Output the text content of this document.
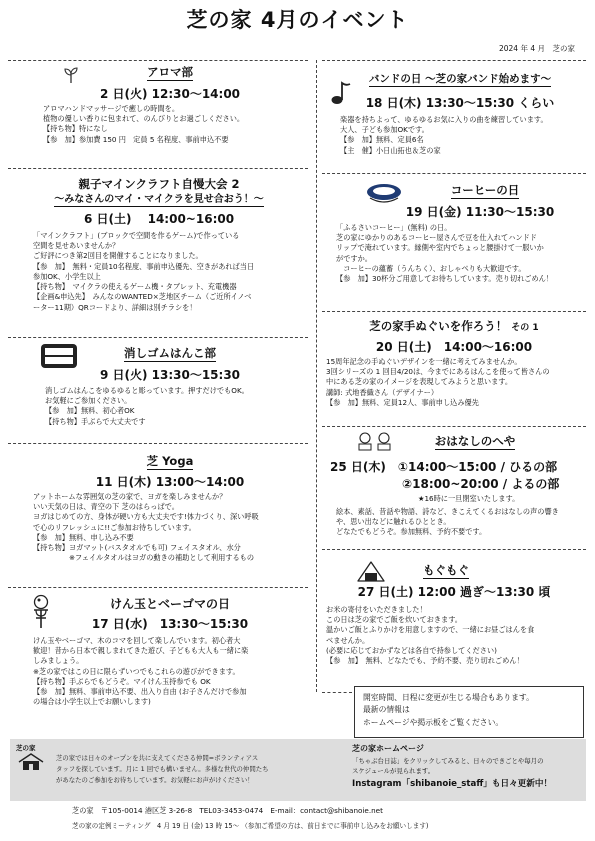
芝の家 4月のイベント
2024 年 4 月　芝の家
アロマ部
2 日(火) 12:30～14:00

アロマハンドマッサージで癒しの時間を。

植物の優しい香りに包まれて、のんびりとお過ごしください。

【持ち物】特になし

【参　加】参加費 150 円　定員 5 名程度、事前申込不要

親子マインクラフト自慢大会 2
～みなさんのマイ・マイクラを見せ合おう！～
6 日(土)　 14:00~16:00

「マインクラフト」(ブロックで空間を作るゲーム)で作っている

空間を見せあいませんか？

ご好評につき第2回目を開催することになりました。

【参　加】　無料・定員10名程度、事前申込優先、空きがあれば当日

参加OK、小学生以上

【持ち物】　マイクラの使えるゲーム機・タブレット、充電機器

【企画&申込先】　みんなのWANTED×芝地区チーム（ご近所イノベ

ーター11期）QRコードより、詳細は別チラシを！

消しゴムはんこ部
9 日(火) 13:30～15:30

消しゴムはんこをゆるゆると彫っています。押すだけでもOK。

お気軽にご参加ください。

【参　加】無料、初心者OK

【持ち物】手ぶらで大丈夫です

芝 Yoga
11 日(木) 13:00～14:00

アットホームな雰囲気の芝の家で、ヨガを楽しみませんか？

いい天気の日は、青空の下 芝のはらっぱで。

ヨガはじめての方、身体が硬い方も大丈夫です!体力づくり、深い呼吸

で心のリフレッシュに!!ご参加お待ちしています。

【参　加】無料、申し込み不要

【持ち物】ヨガマット(バスタオルでも可) フェイスタオル、水分

　　　　　※フェイルタオルはヨガの動きの補助として利用するもの

けん玉とベーゴマの日
17 日(水)　13:30～15:30

けん玉やベーゴマ、木のコマを回して楽しんでいます。初心者大

歓迎！昔から日本で親しまれてきた遊び、子どもも大人も一緒に楽

しみましょう。

※芝の家ではこの日に限らずいつでもこれらの遊びができます。

【持ち物】手ぶらでもどうぞ。マイけん玉持参でも OK

【参　加】無料、事前申込不要、出入り自由 (お子さんだけで参加

の場合は小学生以上でお願いします)

バンドの日 ～芝の家バンド始めます～
18 日(木) 13:30～15:30 くらい

楽器を持ちよって、ゆるゆるお気に入りの曲を練習しています。

大人、子ども参加OKです。

【参　加】無料、定員6名

【主　催】小日山拓也＆芝の家

コーヒーの日
19 日(金) 11:30～15:30

「ふるさいコーヒー」(無料) の日。

芝の家にゆかりのあるコーヒー屋さんで豆を仕入れてハンドド

リップで淹れています。縁側や室内でちょっと腰掛けて一服いか

がですか。

　コーヒーの蘊蓄（うんちく）、おしゃべりも大歓迎です。

【参　加】30杯分ご用意してお待ちしています。売り切れごめん！

芝の家手ぬぐいを作ろう！ その 1
20 日(土)　14:00～16:00

15周年記念の手ぬぐいデザインを一緒に考えてみませんか。

3回シリーズの 1 回目4/20は、今までにあるはんこを使って皆さんの

中にある芝の家のイメージを表現してみようと思います。

講師: 式地香織さん（デザイナー）

【参　加】無料、定員12人、事前申し込み優先

おはなしのへや
25 日(木)　①14:00～15:00 / ひるの部
②18:00~20:00 / よるの部
★16時に一旦閉室いたします。

絵本、素話、昔話や物語、詩など、きこえてくるおはなしの声の響き

や、思い出などに触れるひととき。

どなたでもどうぞ。参加無料、予約不要です。

もぐもぐ
27 日(土) 12:00 過ぎ～13:30 頃

お米の寄付をいただきました！

この日は芝の家でご飯を炊いておきます。

温かいご飯とふりかけを用意しますので、一緒にお昼ごはんを食

べませんか。

(必要に応じておかずなどは各自で持参してください)

【参　加】　無料、どなたでも、予約不要、売り切れごめん！

開室時間、日程に変更が生じる場合もあります。

最新の情報は

ホームページや掲示板をご覧ください。

芝の家

芝の家では日々のオープンを共に支えてくださる仲間=ボランティアス

タッフを探しています。月に 1 回でも構いません。多様な世代の仲間たち

があなたのご参加をお待ちしています。お気軽にお声がけください！

芝の家ホームページ

「ちゃぶ台日誌」をクリックしてみると、日々のできごとや毎月の

スケジュールが見られます。

Instagram「shibanoie_staff」も日々更新中！

芝の家　〒105-0014 港区芝 3-26-8　TEL03-3453-0474　E-mail：contact@shibanoie.net
芝の家の定例ミーティング　4 月 19 日 (金) 13 時 15～ （参加ご希望の方は、前日までに事前申し込みをお願いします)
